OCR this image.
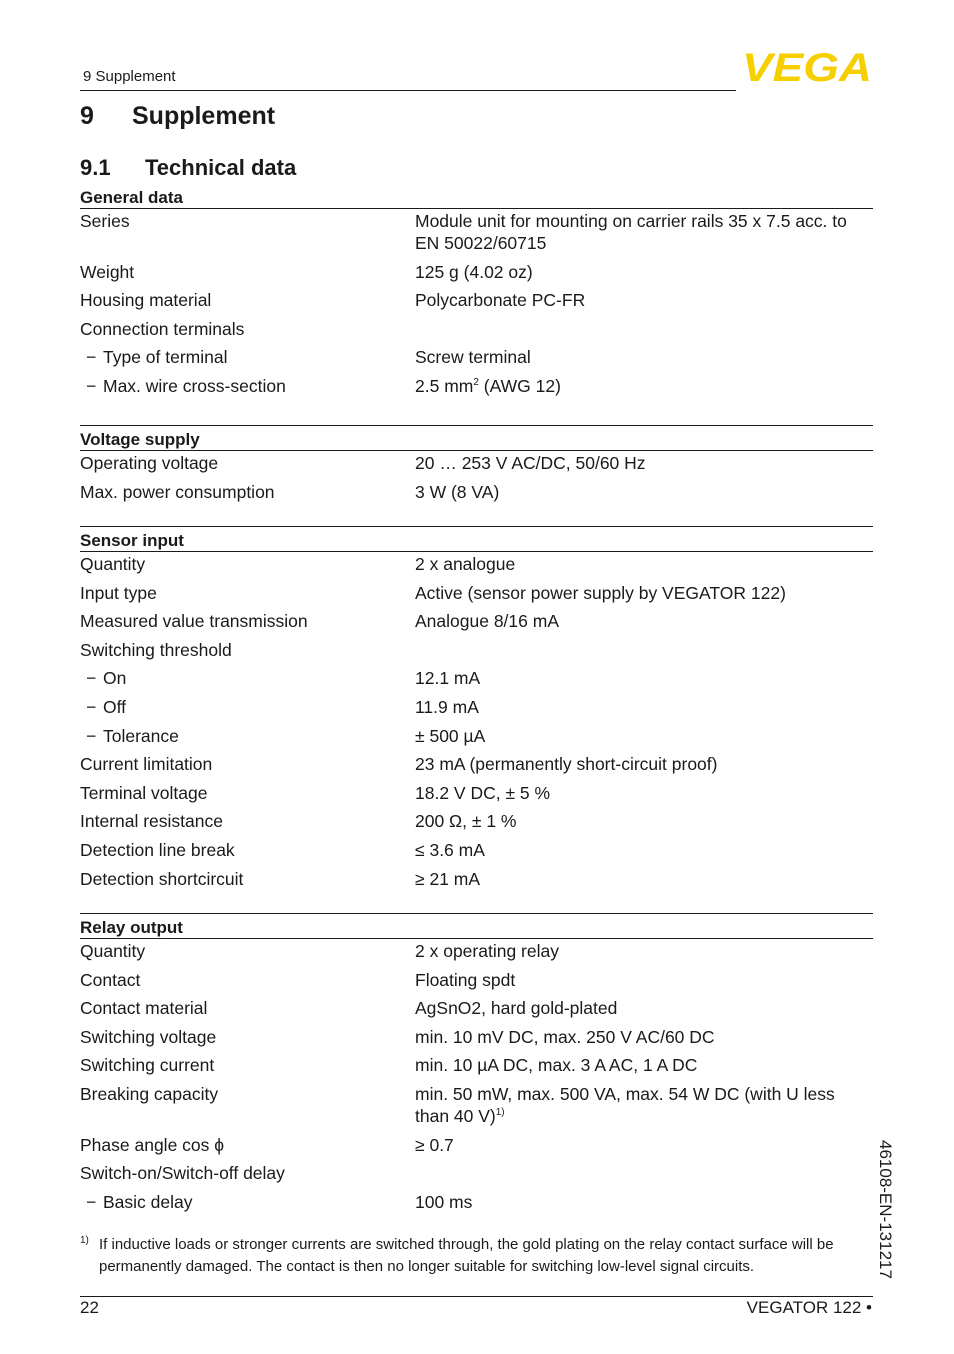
9 Supplement	VEGA
9 Supplement
9.1 Technical data
General data
Series	Module unit for mounting on carrier rails 35 x 7.5 acc. to EN 50022/60715
Weight	125 g (4.02 oz)
Housing material	Polycarbonate PC-FR
Connection terminals
− Type of terminal	Screw terminal
− Max. wire cross-section	2.5 $mm^2$ (AWG 12)
Voltage supply
Operating voltage	20 … 253 V AC/DC, 50/60 Hz
Max. power consumption	3 W (8 VA)
Sensor input
Quantity	2 x analogue
Input type	Active (sensor power supply by VEGATOR 122)
Measured value transmission	Analogue 8/16 mA
Switching threshold
− On	12.1 mA
− Off	11.9 mA
− Tolerance	± 500 µA
Current limitation	23 mA (permanently short-circuit proof)
Terminal voltage	18.2 V DC, ± 5 %
Internal resistance	200 Ω, ± 1 %
Detection line break	≤ 3.6 mA
Detection shortcircuit	≥ 21 mA
Relay output
Quantity	2 x operating relay
Contact	Floating spdt
Contact material	AgSnO2, hard gold-plated
Switching voltage	min. 10 mV DC, max. 250 V AC/60 DC
Switching current	min. 10 µA DC, max. 3 A AC, 1 A DC
Breaking capacity	min. 50 mW, max. 500 VA, max. 54 W DC (with U less than 40 V)$^{1)}$
Phase angle cos ϕ	≥ 0.7
Switch-on/Switch-off delay
− Basic delay	100 ms
1) If inductive loads or stronger currents are switched through, the gold plating on the relay contact surface will be permanently damaged. The contact is then no longer suitable for switching low-level signal circuits.
22	VEGATOR 122 •
46108-EN-131217
